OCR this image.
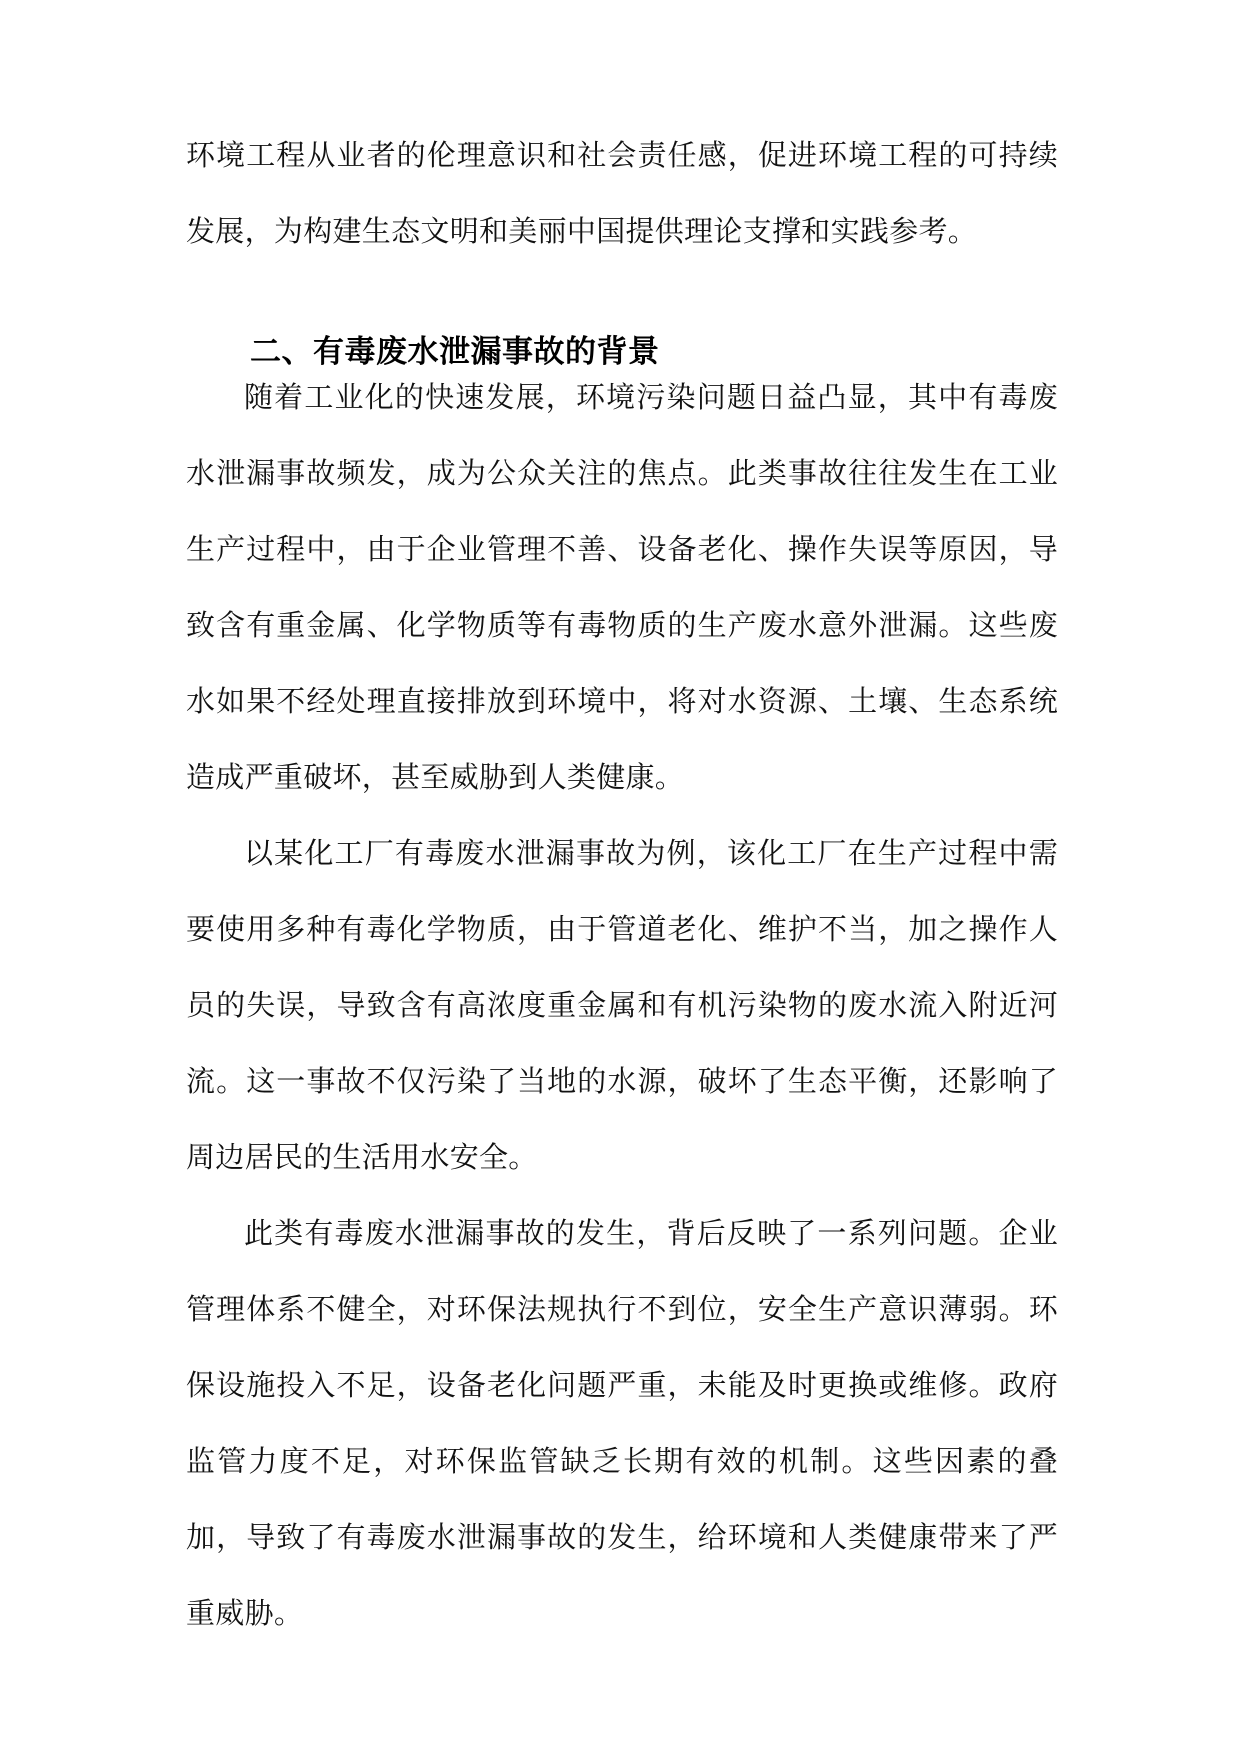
环境工程从业者的伦理意识和社会责任感，促进环境工程的可持续发展，为构建生态文明和美丽中国提供理论支撑和实践参考。

二、有毒废水泄漏事故的背景

随着工业化的快速发展，环境污染问题日益凸显，其中有毒废水泄漏事故频发，成为公众关注的焦点。此类事故往往发生在工业生产过程中，由于企业管理不善、设备老化、操作失误等原因，导致含有重金属、化学物质等有毒物质的生产废水意外泄漏。这些废水如果不经处理直接排放到环境中，将对水资源、土壤、生态系统造成严重破坏，甚至威胁到人类健康。

以某化工厂有毒废水泄漏事故为例，该化工厂在生产过程中需要使用多种有毒化学物质，由于管道老化、维护不当，加之操作人员的失误，导致含有高浓度重金属和有机污染物的废水流入附近河流。这一事故不仅污染了当地的水源，破坏了生态平衡，还影响了周边居民的生活用水安全。

此类有毒废水泄漏事故的发生，背后反映了一系列问题。企业管理体系不健全，对环保法规执行不到位，安全生产意识薄弱。环保设施投入不足，设备老化问题严重，未能及时更换或维修。政府监管力度不足，对环保监管缺乏长期有效的机制。这些因素的叠加，导致了有毒废水泄漏事故的发生，给环境和人类健康带来了严重威胁。
